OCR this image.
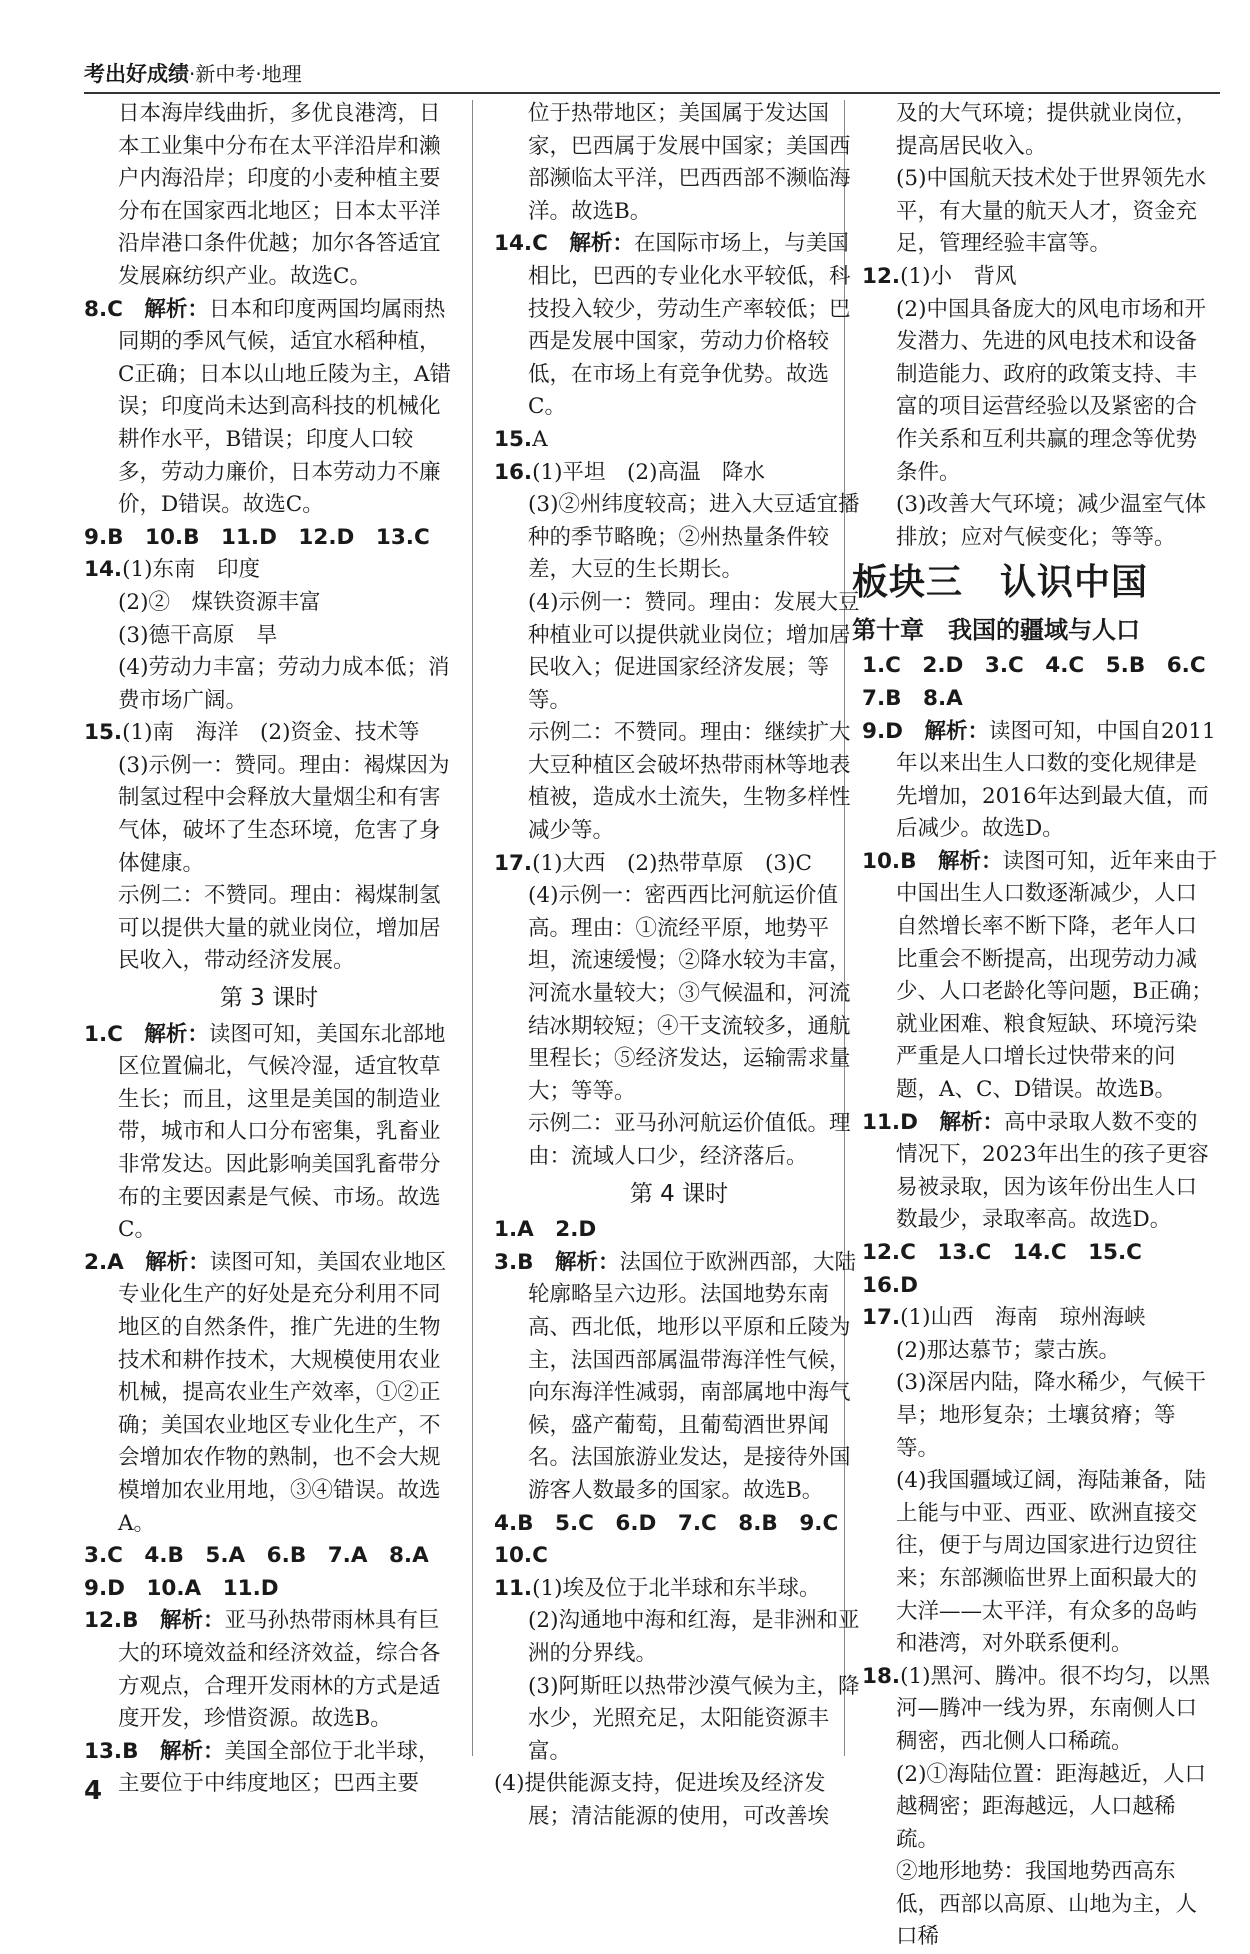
考出好成绩·新中考·地理

日本海岸线曲折，多优良港湾，日本工业集中分布在太平洋沿岸和濑户内海沿岸；印度的小麦种植主要分布在国家西北地区；日本太平洋沿岸港口条件优越；加尔各答适宜发展麻纺织产业。故选C。

8.C　解析：日本和印度两国均属雨热同期的季风气候，适宜水稻种植，C正确；日本以山地丘陵为主，A错误；印度尚未达到高科技的机械化耕作水平，B错误；印度人口较多，劳动力廉价，日本劳动力不廉价，D错误。故选C。

9.B　10.B　11.D　12.D　13.C

14.(1)东南　印度

(2)②　煤铁资源丰富

(3)德干高原　旱

(4)劳动力丰富；劳动力成本低；消费市场广阔。

15.(1)南　海洋　(2)资金、技术等

(3)示例一：赞同。理由：褐煤因为制氢过程中会释放大量烟尘和有害气体，破坏了生态环境，危害了身体健康。

示例二：不赞同。理由：褐煤制氢可以提供大量的就业岗位，增加居民收入，带动经济发展。

第 3 课时

1.C　解析：读图可知，美国东北部地区位置偏北，气候冷湿，适宜牧草生长；而且，这里是美国的制造业带，城市和人口分布密集，乳畜业非常发达。因此影响美国乳畜带分布的主要因素是气候、市场。故选C。

2.A　解析：读图可知，美国农业地区专业化生产的好处是充分利用不同地区的自然条件，推广先进的生物技术和耕作技术，大规模使用农业机械，提高农业生产效率，①②正确；美国农业地区专业化生产，不会增加农作物的熟制，也不会大规模增加农业用地，③④错误。故选A。

3.C　4.B　5.A　6.B　7.A　8.A

9.D　10.A　11.D

12.B　解析：亚马孙热带雨林具有巨大的环境效益和经济效益，综合各方观点，合理开发雨林的方式是适度开发，珍惜资源。故选B。

13.B　解析：美国全部位于北半球，主要位于中纬度地区；巴西主要

位于热带地区；美国属于发达国家，巴西属于发展中国家；美国西部濒临太平洋，巴西西部不濒临海洋。故选B。

14.C　解析：在国际市场上，与美国相比，巴西的专业化水平较低，科技投入较少，劳动生产率较低；巴西是发展中国家，劳动力价格较低，在市场上有竞争优势。故选C。

15.A

16.(1)平坦　(2)高温　降水

(3)②州纬度较高；进入大豆适宜播种的季节略晚；②州热量条件较差，大豆的生长期长。

(4)示例一：赞同。理由：发展大豆种植业可以提供就业岗位；增加居民收入；促进国家经济发展；等等。

示例二：不赞同。理由：继续扩大大豆种植区会破坏热带雨林等地表植被，造成水土流失，生物多样性减少等。

17.(1)大西　(2)热带草原　(3)C

(4)示例一：密西西比河航运价值高。理由：①流经平原，地势平坦，流速缓慢；②降水较为丰富，河流水量较大；③气候温和，河流结冰期较短；④干支流较多，通航里程长；⑤经济发达，运输需求量大；等等。

示例二：亚马孙河航运价值低。理由：流域人口少，经济落后。

第 4 课时

1.A　2.D

3.B　解析：法国位于欧洲西部，大陆轮廓略呈六边形。法国地势东南高、西北低，地形以平原和丘陵为主，法国西部属温带海洋性气候，向东海洋性减弱，南部属地中海气候，盛产葡萄，且葡萄酒世界闻名。法国旅游业发达，是接待外国游客人数最多的国家。故选B。

4.B　5.C　6.D　7.C　8.B　9.C

10.C

11.(1)埃及位于北半球和东半球。

(2)沟通地中海和红海，是非洲和亚洲的分界线。

(3)阿斯旺以热带沙漠气候为主，降水少，光照充足，太阳能资源丰富。

(4)提供能源支持，促进埃及经济发展；清洁能源的使用，可改善埃

及的大气环境；提供就业岗位，提高居民收入。

(5)中国航天技术处于世界领先水平，有大量的航天人才，资金充足，管理经验丰富等。

12.(1)小　背风

(2)中国具备庞大的风电市场和开发潜力、先进的风电技术和设备制造能力、政府的政策支持、丰富的项目运营经验以及紧密的合作关系和互利共赢的理念等优势条件。

(3)改善大气环境；减少温室气体排放；应对气候变化；等等。

板块三　认识中国
第十章　我国的疆域与人口

1.C　2.D　3.C　4.C　5.B　6.C

7.B　8.A

9.D　解析：读图可知，中国自2011年以来出生人口数的变化规律是先增加，2016年达到最大值，而后减少。故选D。

10.B　解析：读图可知，近年来由于中国出生人口数逐渐减少，人口自然增长率不断下降，老年人口比重会不断提高，出现劳动力减少、人口老龄化等问题，B正确；就业困难、粮食短缺、环境污染严重是人口增长过快带来的问题，A、C、D错误。故选B。

11.D　解析：高中录取人数不变的情况下，2023年出生的孩子更容易被录取，因为该年份出生人口数最少，录取率高。故选D。

12.C　13.C　14.C　15.C　16.D

17.(1)山西　海南　琼州海峡

(2)那达慕节；蒙古族。

(3)深居内陆，降水稀少，气候干旱；地形复杂；土壤贫瘠；等等。

(4)我国疆域辽阔，海陆兼备，陆上能与中亚、西亚、欧洲直接交往，便于与周边国家进行边贸往来；东部濒临世界上面积最大的大洋——太平洋，有众多的岛屿和港湾，对外联系便利。

18.(1)黑河、腾冲。很不均匀，以黑河—腾冲一线为界，东南侧人口稠密，西北侧人口稀疏。

(2)①海陆位置：距海越近，人口越稠密；距海越远，人口越稀疏。

②地形地势：我国地势西高东低，西部以高原、山地为主，人口稀

4
